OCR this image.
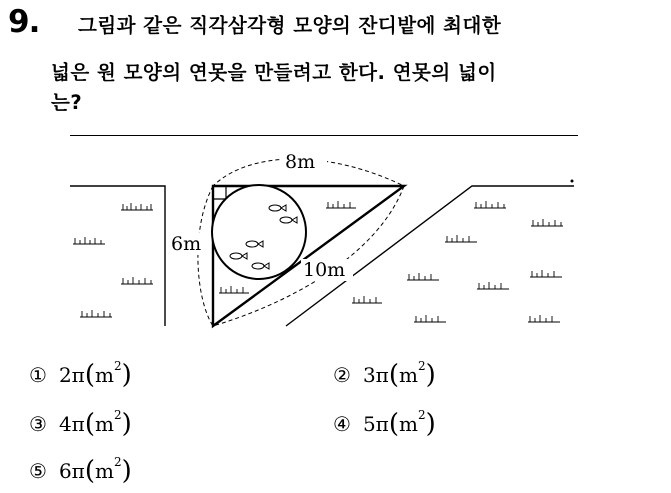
9. 그림과 같은 직각삼각형 모양의 잔디밭에 최대한
넓은 원 모양의 연못을 만들려고 한다. 연못의 넓이
는?
8m
6m
10m
① $2\pi(m^2)$	② $3\pi(m^2)$
③ $4\pi(m^2)$	④ $5\pi(m^2)$
⑤ $6\pi(m^2)$
